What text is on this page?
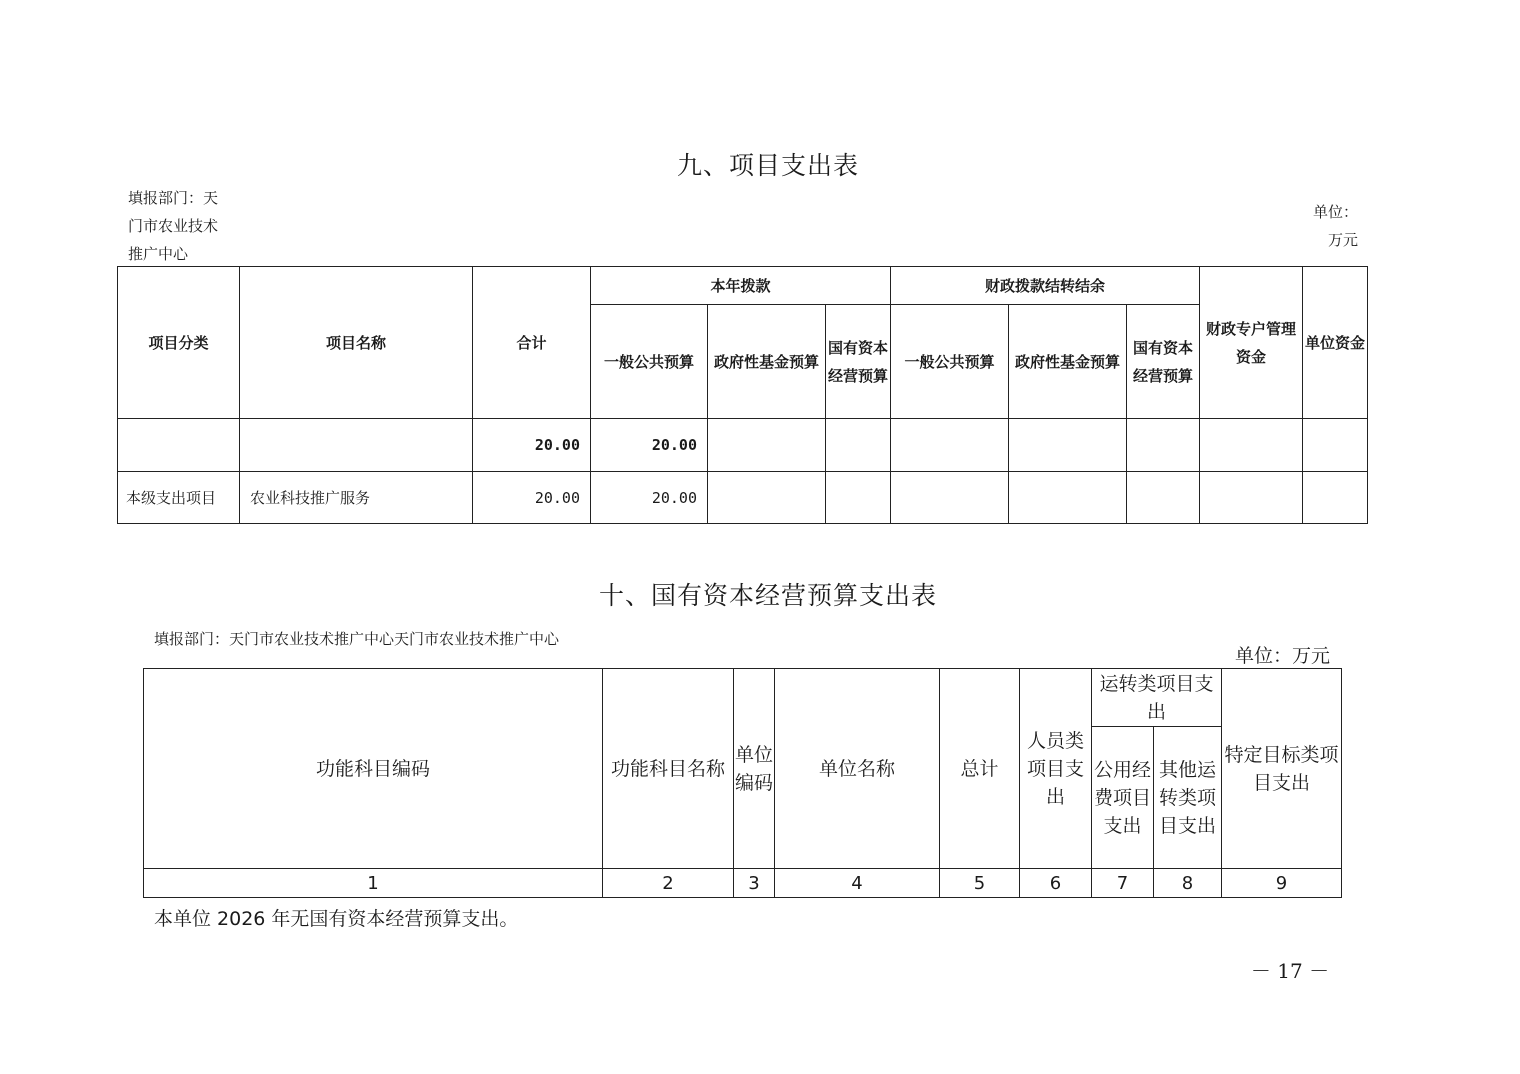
九、项目支出表
填报部门：天
门市农业技术
推广中心
单位：
万元
项目分类	项目名称	合计	本年拨款			财政拨款结转结余			财政专户管理资金	单位资金
			一般公共预算	政府性基金预算	国有资本经营预算	一般公共预算	政府性基金预算	国有资本经营预算		
		20.00	20.00							
本级支出项目	农业科技推广服务	20.00	20.00							
十、国有资本经营预算支出表
填报部门：天门市农业技术推广中心天门市农业技术推广中心
单位：万元
功能科目编码	功能科目名称	单位编码	单位名称	总计	人员类项目支出	运转类项目支出		特定目标类项目支出
						公用经费项目支出	其他运转类项目支出	
1	2	3	4	5	6	7	8	9
本单位 2026 年无国有资本经营预算支出。
－ 17 －
